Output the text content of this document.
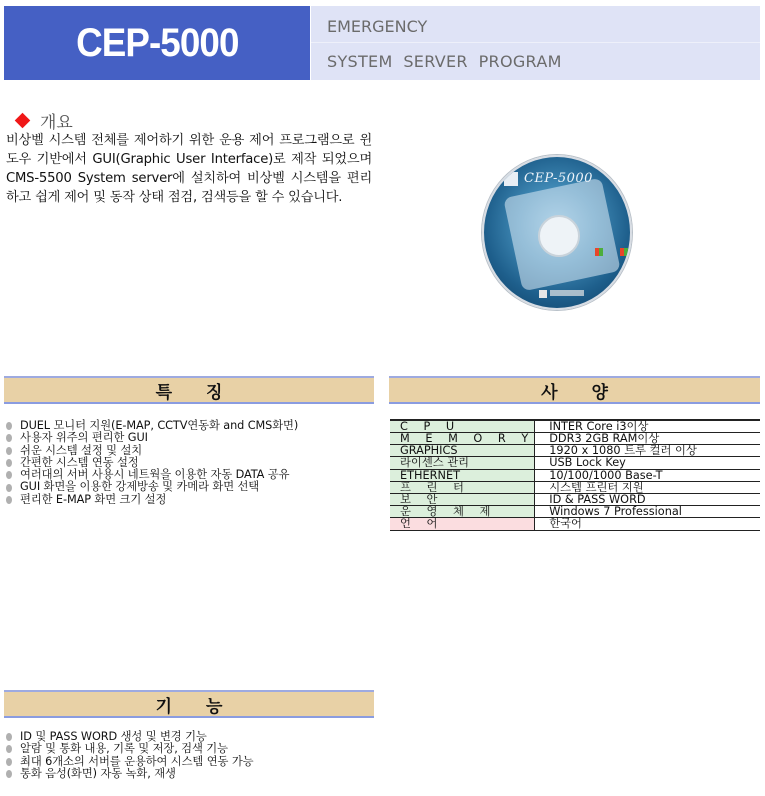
CEP-5000	EMERGENCY
SYSTEM  SERVER  PROGRAM
개요

비상벨 시스템 전체를 제어하기 위한 운용 제어 프로그램으로 윈도우 기반에서 GUI(Graphic User Interface)로 제작 되었으며 CMS-5500 System server에 설치하여 비상벨 시스템을 편리하고 쉽게 제어 및 동작 상태 점검, 검색등을 할 수 있습니다.

CEP-5000
특 징
DUEL 모니터 지원(E-MAP, CCTV연동화 and CMS화면)
사용자 위주의 편리한 GUI
쉬운 시스템 설정 및 설치
간편한 시스템 연동 설정
여러대의 서버 사용시 네트웍을 이용한 자동 DATA 공유
GUI 화면을 이용한 강제방송 및 카메라 화면 선택
편리한 E-MAP 화면 크기 설정
사 양
C P U	INTER Core i3이상
M E M O R Y	DDR3 2GB RAM이상
GRAPHICS	1920 x 1080 트루 컬러 이상
라이센스 관리	USB Lock Key
ETHERNET	10/100/1000 Base-T
프 린 터	시스템 프린터 지원
보 안	ID & PASS WORD
운 영 체 제	Windows 7 Professional
언 어	한국어
기 능
ID 및 PASS WORD 생성 및 변경 기능
알람 및 통화 내용, 기록 및 저장, 검색 기능
최대 6개소의 서버를 운용하여 시스템 연동 가능
통화 음성(화면) 자동 녹화, 재생
